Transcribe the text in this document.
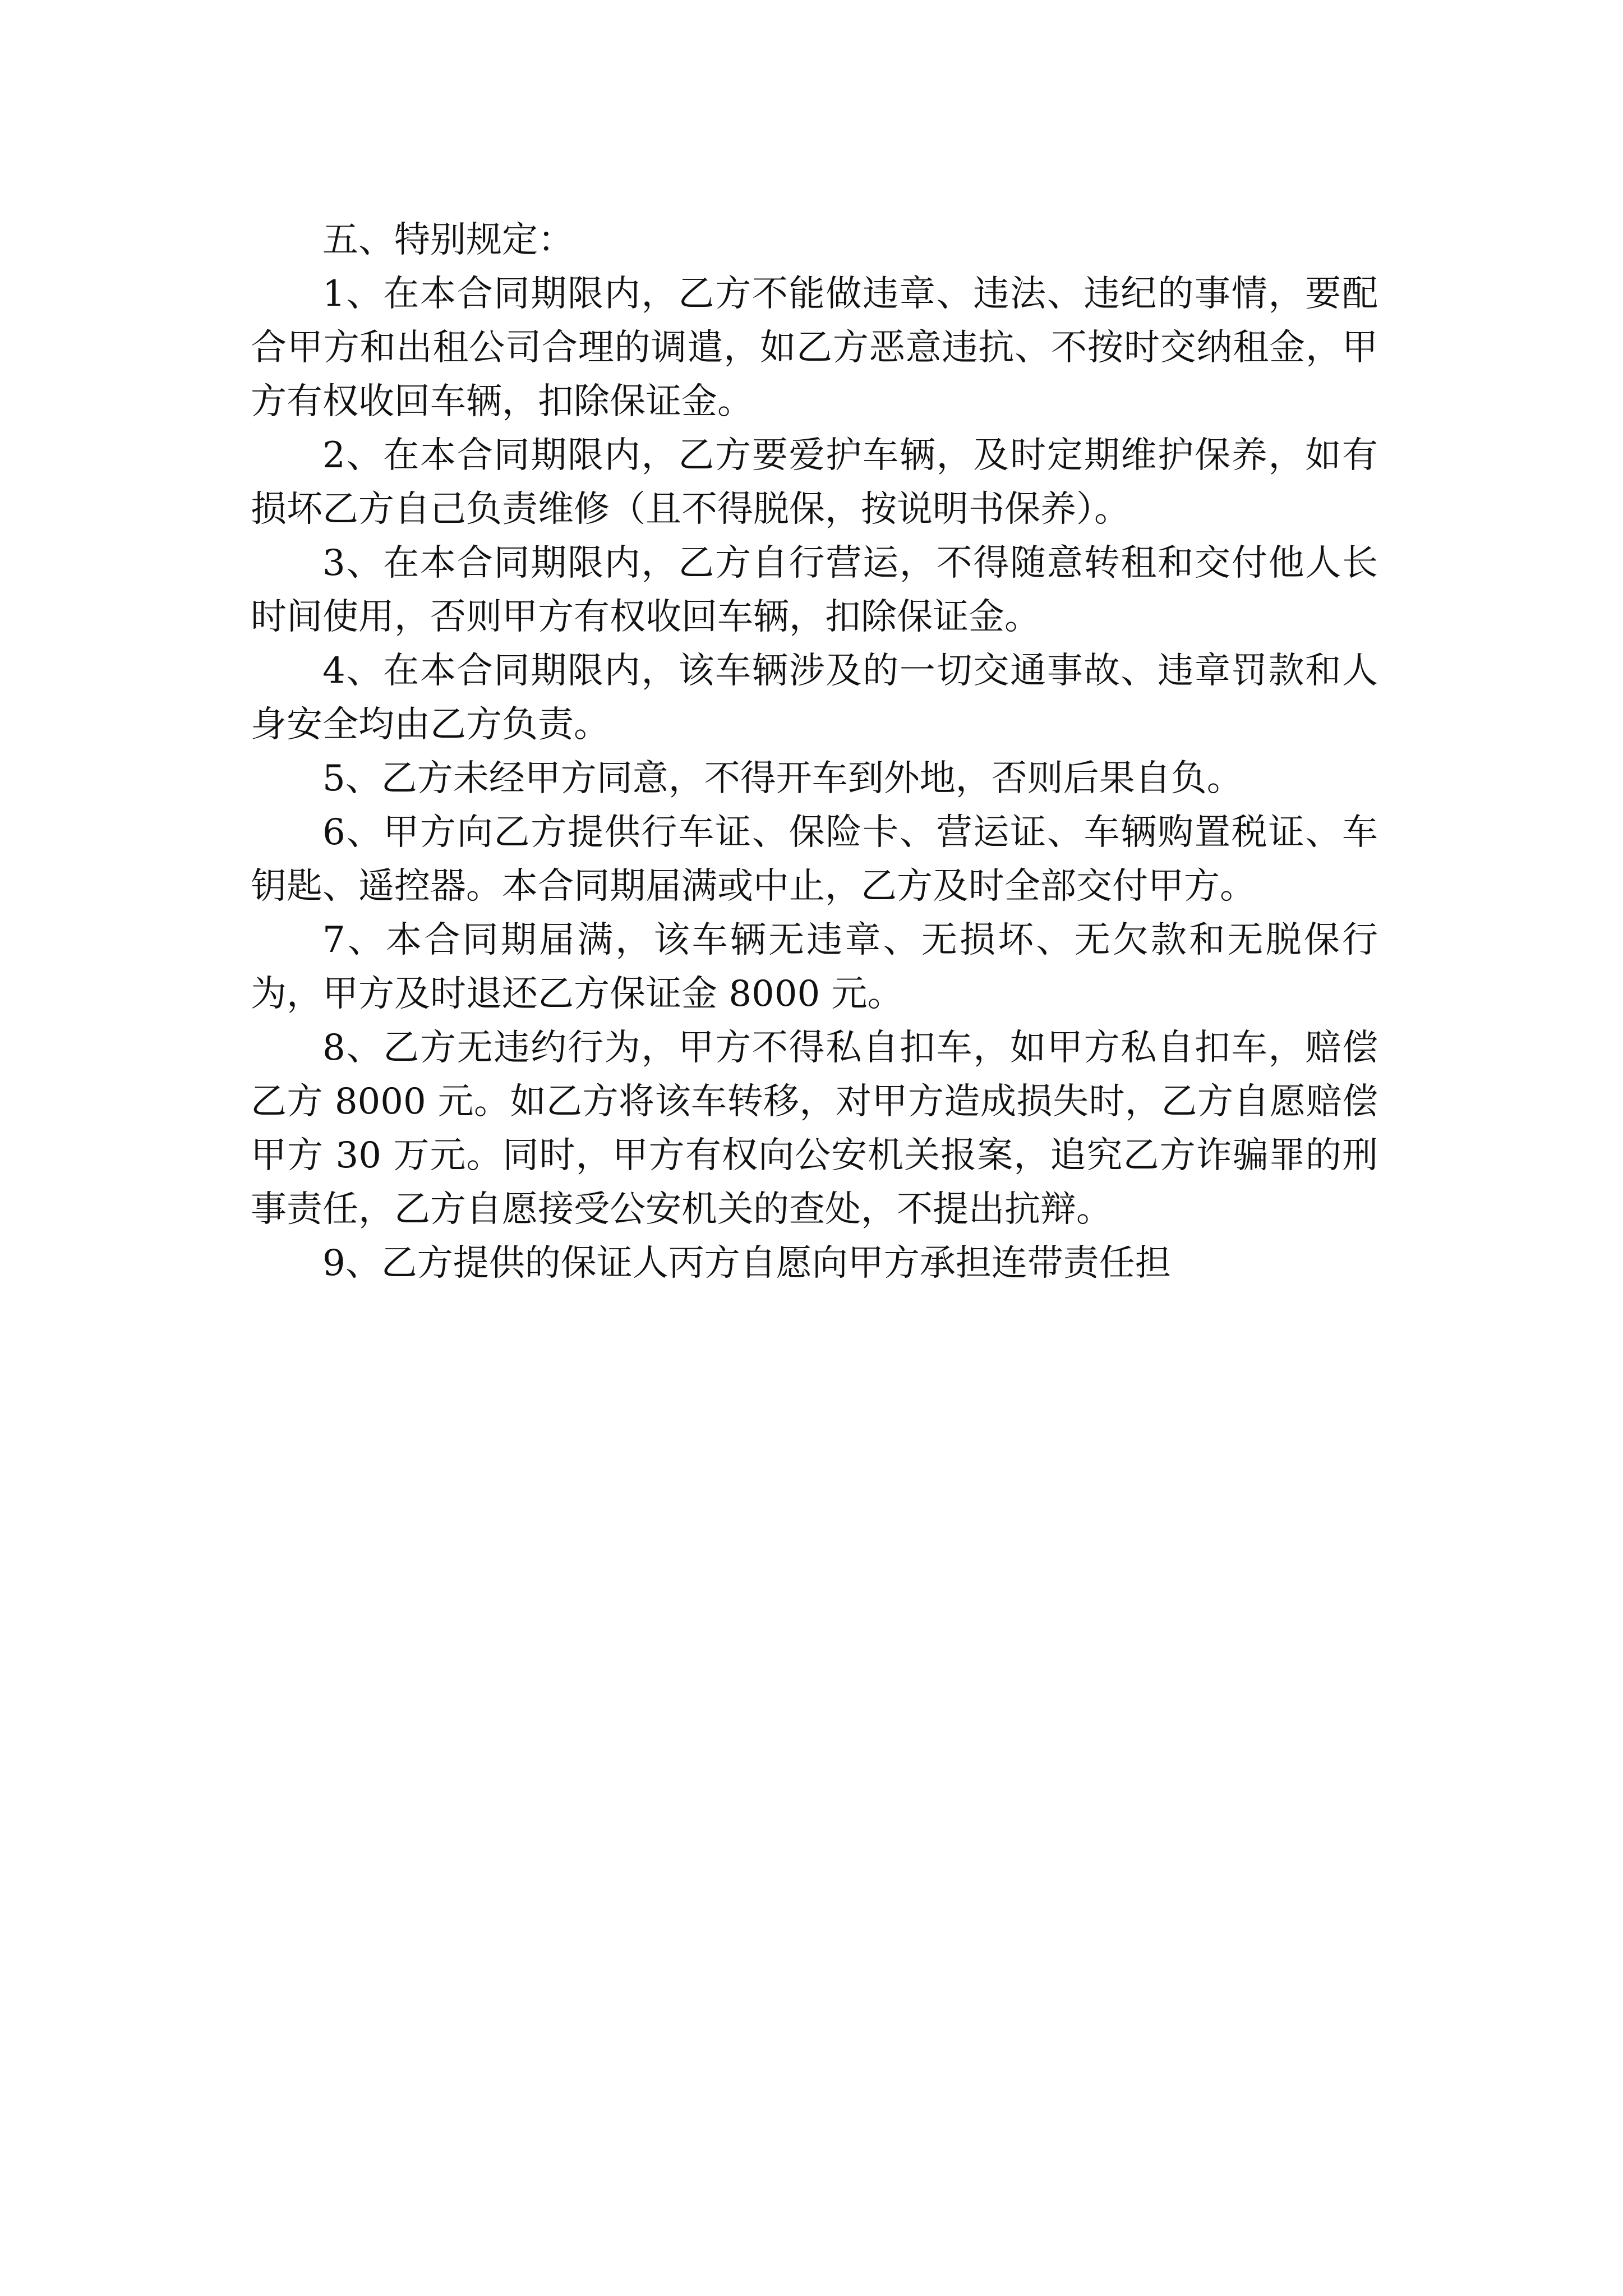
五、特别规定：

1、在本合同期限内，乙方不能做违章、违法、违纪的事情，要配合甲方和出租公司合理的调遣，如乙方恶意违抗、不按时交纳租金，甲方有权收回车辆，扣除保证金。

2、在本合同期限内，乙方要爱护车辆，及时定期维护保养，如有损坏乙方自己负责维修（且不得脱保，按说明书保养）。

3、在本合同期限内，乙方自行营运，不得随意转租和交付他人长时间使用，否则甲方有权收回车辆，扣除保证金。

4、在本合同期限内，该车辆涉及的一切交通事故、违章罚款和人身安全均由乙方负责。

5、乙方未经甲方同意，不得开车到外地，否则后果自负。

6、甲方向乙方提供行车证、保险卡、营运证、车辆购置税证、车钥匙、遥控器。本合同期届满或中止，乙方及时全部交付甲方。

7、本合同期届满，该车辆无违章、无损坏、无欠款和无脱保行为，甲方及时退还乙方保证金 8000 元。

8、乙方无违约行为，甲方不得私自扣车，如甲方私自扣车，赔偿乙方 8000 元。如乙方将该车转移，对甲方造成损失时，乙方自愿赔偿甲方 30 万元。同时，甲方有权向公安机关报案，追究乙方诈骗罪的刑事责任，乙方自愿接受公安机关的查处，不提出抗辩。

9、乙方提供的保证人丙方自愿向甲方承担连带责任担
